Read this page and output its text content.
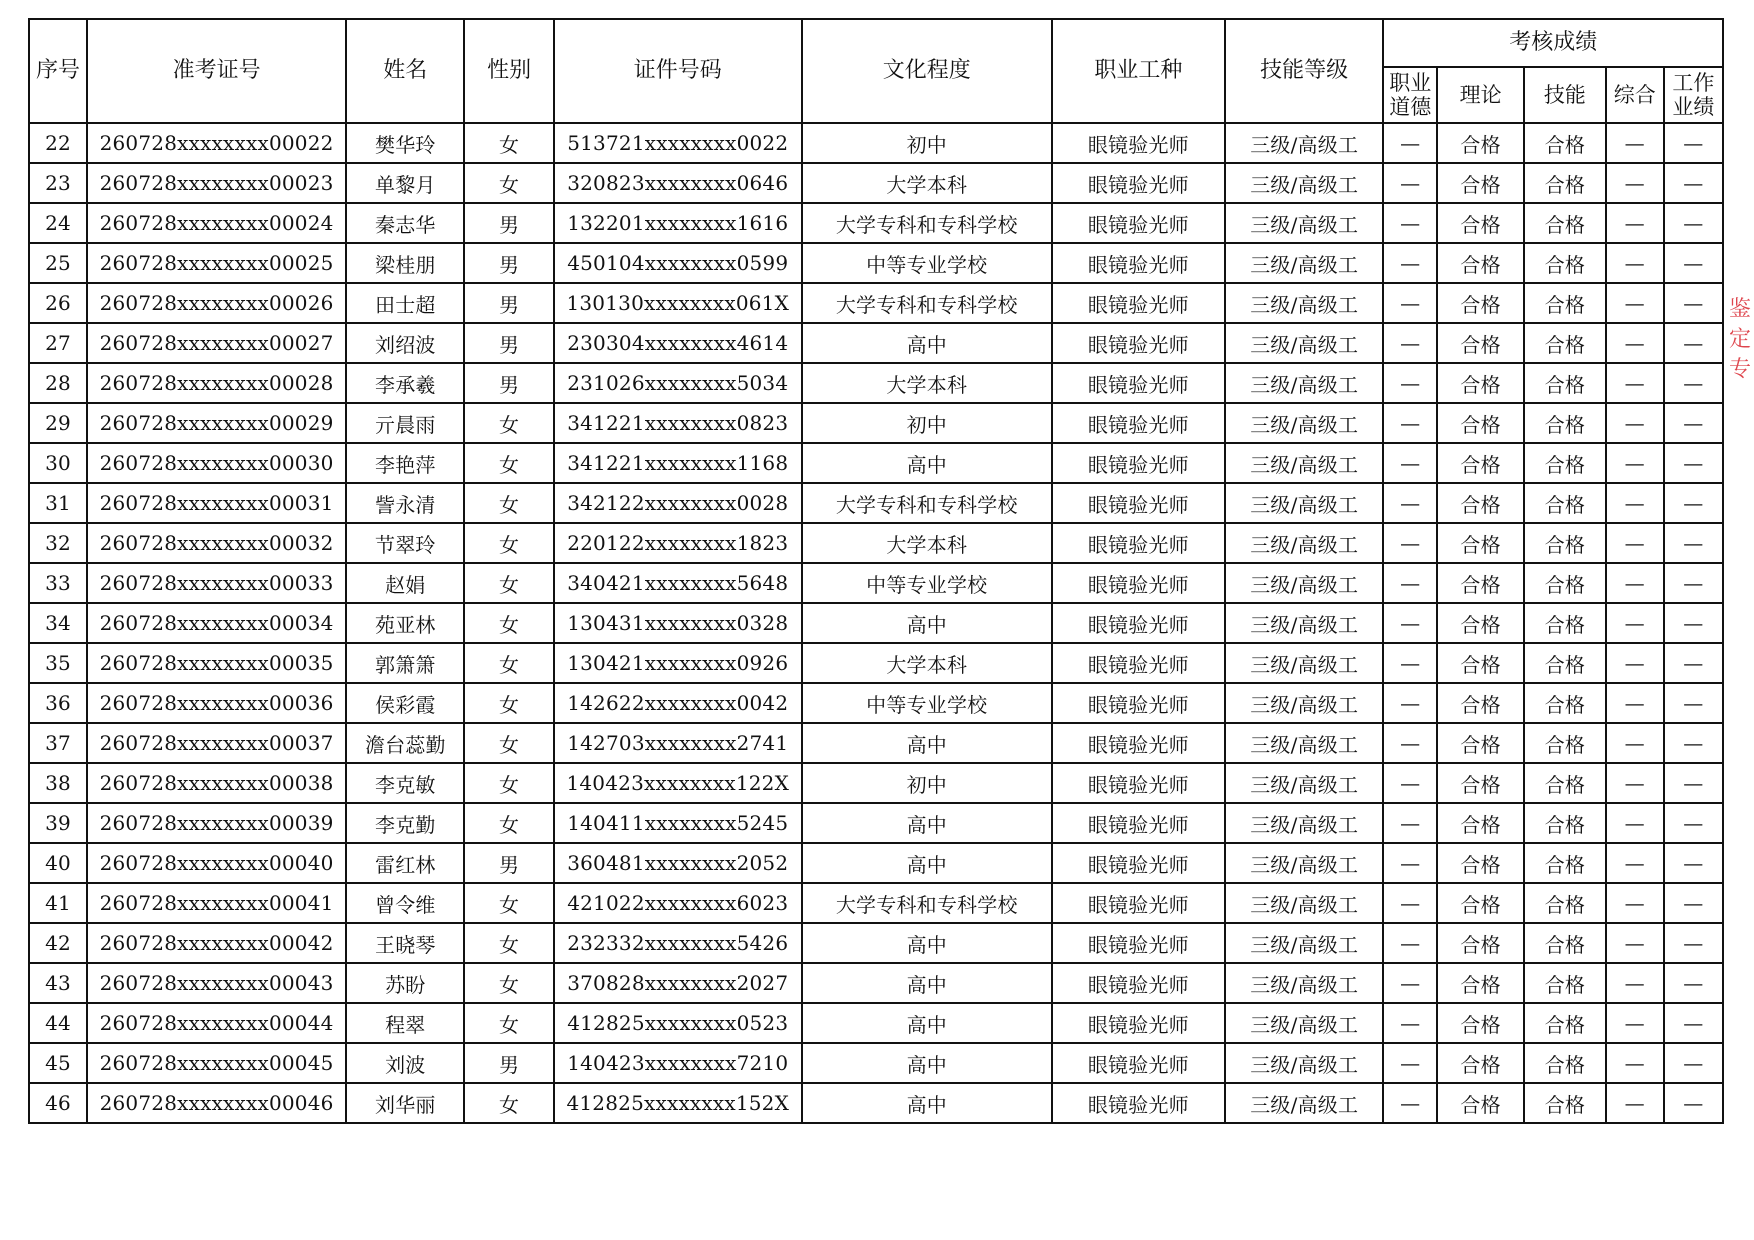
序号	准考证号	姓名	性别	证件号码	文化程度	职业工种	技能等级	考核成绩				
								职业道德	理论	技能	综合	工作业绩
22	260728xxxxxxxx00022	樊华玲	女	513721xxxxxxxx0022	初中	眼镜验光师	三级/高级工	—	合格	合格	—	—
23	260728xxxxxxxx00023	单黎月	女	320823xxxxxxxx0646	大学本科	眼镜验光师	三级/高级工	—	合格	合格	—	—
24	260728xxxxxxxx00024	秦志华	男	132201xxxxxxxx1616	大学专科和专科学校	眼镜验光师	三级/高级工	—	合格	合格	—	—
25	260728xxxxxxxx00025	梁桂朋	男	450104xxxxxxxx0599	中等专业学校	眼镜验光师	三级/高级工	—	合格	合格	—	—
26	260728xxxxxxxx00026	田士超	男	130130xxxxxxxx061X	大学专科和专科学校	眼镜验光师	三级/高级工	—	合格	合格	—	—
27	260728xxxxxxxx00027	刘绍波	男	230304xxxxxxxx4614	高中	眼镜验光师	三级/高级工	—	合格	合格	—	—
28	260728xxxxxxxx00028	李承羲	男	231026xxxxxxxx5034	大学本科	眼镜验光师	三级/高级工	—	合格	合格	—	—
29	260728xxxxxxxx00029	亓晨雨	女	341221xxxxxxxx0823	初中	眼镜验光师	三级/高级工	—	合格	合格	—	—
30	260728xxxxxxxx00030	李艳萍	女	341221xxxxxxxx1168	高中	眼镜验光师	三级/高级工	—	合格	合格	—	—
31	260728xxxxxxxx00031	訾永清	女	342122xxxxxxxx0028	大学专科和专科学校	眼镜验光师	三级/高级工	—	合格	合格	—	—
32	260728xxxxxxxx00032	节翠玲	女	220122xxxxxxxx1823	大学本科	眼镜验光师	三级/高级工	—	合格	合格	—	—
33	260728xxxxxxxx00033	赵娟	女	340421xxxxxxxx5648	中等专业学校	眼镜验光师	三级/高级工	—	合格	合格	—	—
34	260728xxxxxxxx00034	苑亚林	女	130431xxxxxxxx0328	高中	眼镜验光师	三级/高级工	—	合格	合格	—	—
35	260728xxxxxxxx00035	郭箫箫	女	130421xxxxxxxx0926	大学本科	眼镜验光师	三级/高级工	—	合格	合格	—	—
36	260728xxxxxxxx00036	侯彩霞	女	142622xxxxxxxx0042	中等专业学校	眼镜验光师	三级/高级工	—	合格	合格	—	—
37	260728xxxxxxxx00037	澹台蕊勤	女	142703xxxxxxxx2741	高中	眼镜验光师	三级/高级工	—	合格	合格	—	—
38	260728xxxxxxxx00038	李克敏	女	140423xxxxxxxx122X	初中	眼镜验光师	三级/高级工	—	合格	合格	—	—
39	260728xxxxxxxx00039	李克勤	女	140411xxxxxxxx5245	高中	眼镜验光师	三级/高级工	—	合格	合格	—	—
40	260728xxxxxxxx00040	雷红林	男	360481xxxxxxxx2052	高中	眼镜验光师	三级/高级工	—	合格	合格	—	—
41	260728xxxxxxxx00041	曾令维	女	421022xxxxxxxx6023	大学专科和专科学校	眼镜验光师	三级/高级工	—	合格	合格	—	—
42	260728xxxxxxxx00042	王晓琴	女	232332xxxxxxxx5426	高中	眼镜验光师	三级/高级工	—	合格	合格	—	—
43	260728xxxxxxxx00043	苏盼	女	370828xxxxxxxx2027	高中	眼镜验光师	三级/高级工	—	合格	合格	—	—
44	260728xxxxxxxx00044	程翠	女	412825xxxxxxxx0523	高中	眼镜验光师	三级/高级工	—	合格	合格	—	—
45	260728xxxxxxxx00045	刘波	男	140423xxxxxxxx7210	高中	眼镜验光师	三级/高级工	—	合格	合格	—	—
46	260728xxxxxxxx00046	刘华丽	女	412825xxxxxxxx152X	高中	眼镜验光师	三级/高级工	—	合格	合格	—	—
鉴定专
